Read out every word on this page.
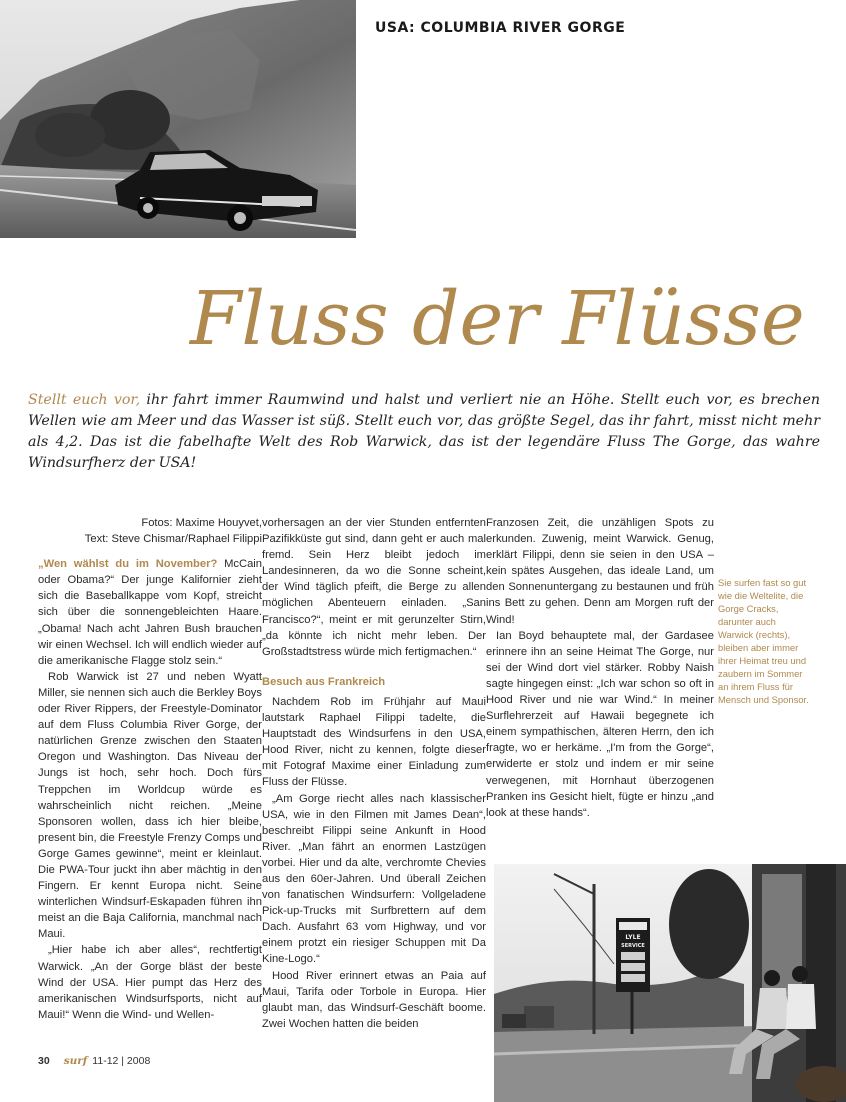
USA: COLUMBIA RIVER GORGE
Fluss der Flüsse
Stellt euch vor, ihr fahrt immer Raumwind und halst und verliert nie an Höhe. Stellt euch vor, es brechen Wellen wie am Meer und das Wasser ist süß. Stellt euch vor, das größte Segel, das ihr fahrt, misst nicht mehr als 4,2. Das ist die fabelhafte Welt des Rob Warwick, das ist der legendäre Fluss The Gorge, das wahre Windsurfherz der USA!

Fotos: Maxime Houyvet,

Text: Steve Chismar/Raphael Filippi

„Wen wählst du im November? McCain oder Obama?“ Der junge Kalifornier zieht sich die Baseballkappe vom Kopf, streicht sich über die sonnengebleichten Haare. „Obama! Nach acht Jahren Bush brauchen wir einen Wechsel. Ich will endlich wieder auf die amerikanische Flagge stolz sein.“

Rob Warwick ist 27 und neben Wyatt Miller, sie nennen sich auch die Berkley Boys oder River Rippers, der Freestyle-Dominator auf dem Fluss Columbia River Gorge, der natürlichen Grenze zwischen den Staaten Oregon und Washington. Das Niveau der Jungs ist hoch, sehr hoch. Doch fürs Treppchen im Worldcup würde es wahrscheinlich nicht reichen. „Meine Sponsoren wollen, dass ich hier bleibe, present bin, die Freestyle Frenzy Comps und Gorge Games gewinne“, meint er kleinlaut. Die PWA-Tour juckt ihn aber mächtig in den Fingern. Er kennt Europa nicht. Seine winterlichen Windsurf-Eskapaden führen ihn meist an die Baja California, manchmal nach Maui.

„Hier habe ich aber alles“, rechtfertigt Warwick. „An der Gorge bläst der beste Wind der USA. Hier pumpt das Herz des amerikanischen Windsurfsports, nicht auf Maui!“ Wenn die Wind- und Wellen-

vorhersagen an der vier Stunden entfernten Pazifikküste gut sind, dann geht er auch mal fremd. Sein Herz bleibt jedoch im Landesinneren, da wo die Sonne scheint, der Wind täglich pfeift, die Berge zu allen möglichen Abenteuern einladen. „San Francisco?“, meint er mit gerunzelter Stirn, „da könnte ich nicht mehr leben. Der Großstadtstress würde mich fertigmachen.“

Besuch aus Frankreich

Nachdem Rob im Frühjahr auf Maui lautstark Raphael Filippi tadelte, die Hauptstadt des Windsurfens in den USA, Hood River, nicht zu kennen, folgte dieser mit Fotograf Maxime einer Einladung zum Fluss der Flüsse.

„Am Gorge riecht alles nach klassischer USA, wie in den Filmen mit James Dean“, beschreibt Filippi seine Ankunft in Hood River. „Man fährt an enormen Lastzügen vorbei. Hier und da alte, verchromte Chevies aus den 60er-Jahren. Und überall Zeichen von fanatischen Windsurfern: Vollgeladene Pick-up-Trucks mit Surfbrettern auf dem Dach. Ausfahrt 63 vom Highway, und vor einem protzt ein riesiger Schuppen mit Da Kine-Logo.“

Hood River erinnert etwas an Paia auf Maui, Tarifa oder Torbole in Europa. Hier glaubt man, das Windsurf-Geschäft boome. Zwei Wochen hatten die beiden

Franzosen Zeit, die unzähligen Spots zu erkunden. Zuwenig, meint Warwick. Genug, erklärt Filippi, denn sie seien in den USA – kein spätes Ausgehen, das ideale Land, um den Sonnenuntergang zu bestaunen und früh ins Bett zu gehen. Denn am Morgen ruft der Wind!

Ian Boyd behauptete mal, der Gardasee erinnere ihn an seine Heimat The Gorge, nur sei der Wind dort viel stärker. Robby Naish sagte hingegen einst: „Ich war schon so oft in Hood River und nie war Wind.“ In meiner Surflehrerzeit auf Hawaii begegnete ich einem sympathischen, älteren Herrn, den ich fragte, wo er herkäme. „I'm from the Gorge“, erwiderte er stolz und indem er mir seine verwegenen, mit Hornhaut überzogenen Pranken ins Gesicht hielt, fügte er hinzu „and look at these hands“.

Sie surfen fast so gut wie die Weltelite, die Gorge Cracks, darunter auch Warwick (rechts), bleiben aber immer ihrer Heimat treu und zaubern im Sommer an ihrem Fluss für Mensch und Sponsor.
LYLE
SERVICE
30 surf 11-12 | 2008
